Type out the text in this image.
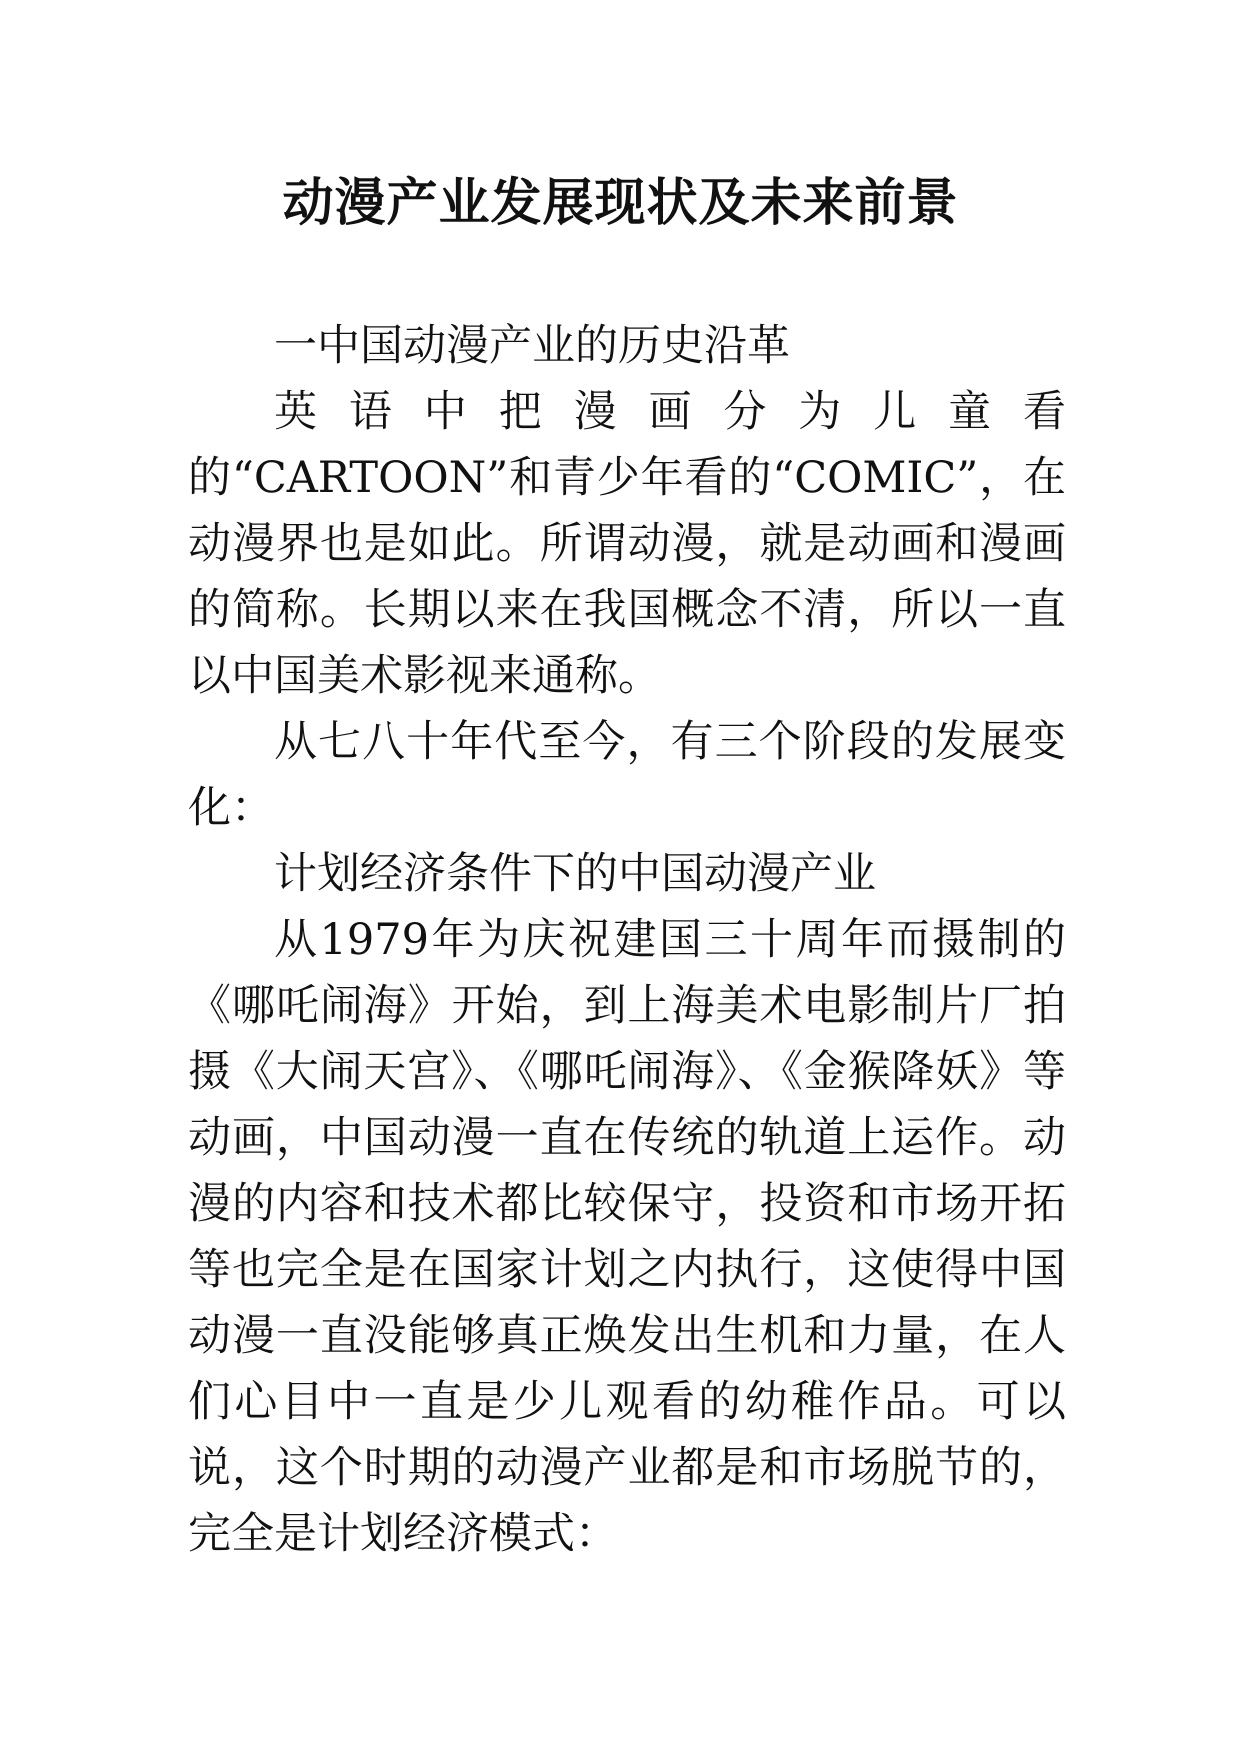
动漫产业发展现状及未来前景

一中国动漫产业的历史沿革

英语中把漫画分为儿童看的“CARTOON”和青少年看的“COMIC”，在动漫界也是如此。所谓动漫，就是动画和漫画的简称。长期以来在我国概念不清，所以一直以中国美术影视来通称。

从七八十年代至今，有三个阶段的发展变化：

计划经济条件下的中国动漫产业

从1979年为庆祝建国三十周年而摄制的《哪吒闹海》开始，到上海美术电影制片厂拍摄《大闹天宫》、《哪吒闹海》、《金猴降妖》等动画，中国动漫一直在传统的轨道上运作。动漫的内容和技术都比较保守，投资和市场开拓等也完全是在国家计划之内执行，这使得中国动漫一直没能够真正焕发出生机和力量，在人们心目中一直是少儿观看的幼稚作品。可以说，这个时期的动漫产业都是和市场脱节的，完全是计划经济模式：
